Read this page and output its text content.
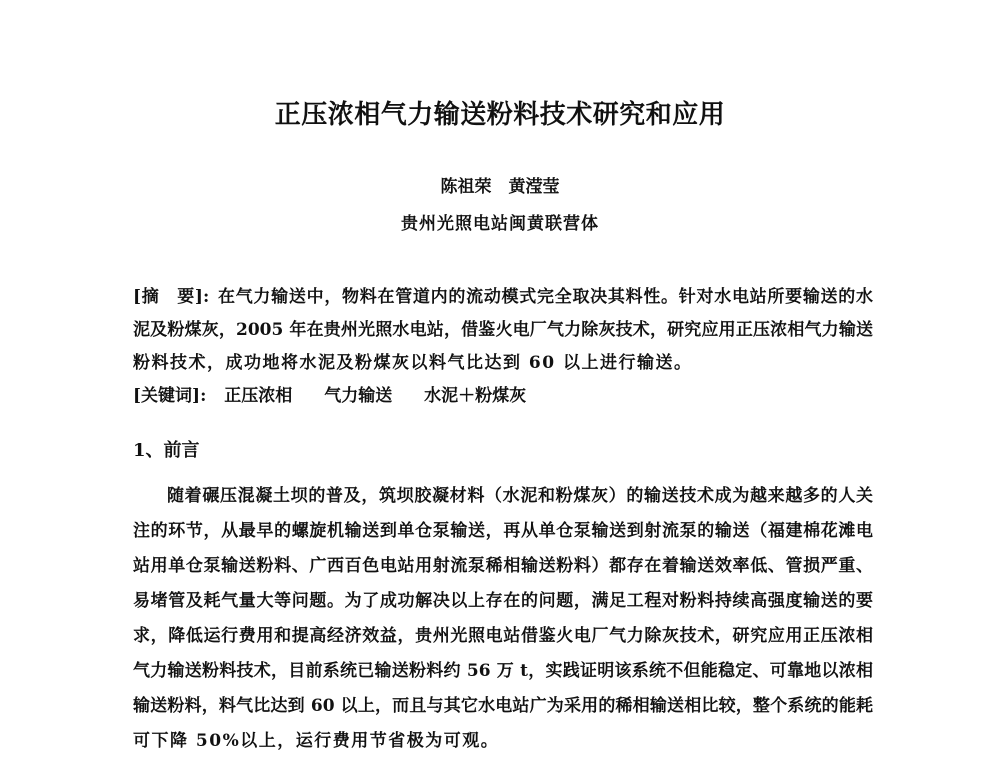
正压浓相气力输送粉料技术研究和应用
陈祖荣　黄滢莹
贵州光照电站闽黄联营体
[摘　要]: 在气力输送中，物料在管道内的流动模式完全取决其料性。针对水电站所要输送的水
泥及粉煤灰，2005 年在贵州光照水电站，借鉴火电厂气力除灰技术，研究应用正压浓相气力输送
粉料技术，成功地将水泥及粉煤灰以料气比达到 60 以上进行输送。
[关键词]: 正压浓相 气力输送 水泥＋粉煤灰
1、前言
随着碾压混凝土坝的普及，筑坝胶凝材料（水泥和粉煤灰）的输送技术成为越来越多的人关
注的环节，从最早的螺旋机输送到单仓泵输送，再从单仓泵输送到射流泵的输送（福建棉花滩电
站用单仓泵输送粉料、广西百色电站用射流泵稀相输送粉料）都存在着输送效率低、管损严重、
易堵管及耗气量大等问题。为了成功解决以上存在的问题，满足工程对粉料持续高强度输送的要
求，降低运行费用和提高经济效益，贵州光照电站借鉴火电厂气力除灰技术，研究应用正压浓相
气力输送粉料技术，目前系统已输送粉料约 56 万 t，实践证明该系统不但能稳定、可靠地以浓相
输送粉料，料气比达到 60 以上，而且与其它水电站广为采用的稀相输送相比较，整个系统的能耗
可下降 50%以上，运行费用节省极为可观。
